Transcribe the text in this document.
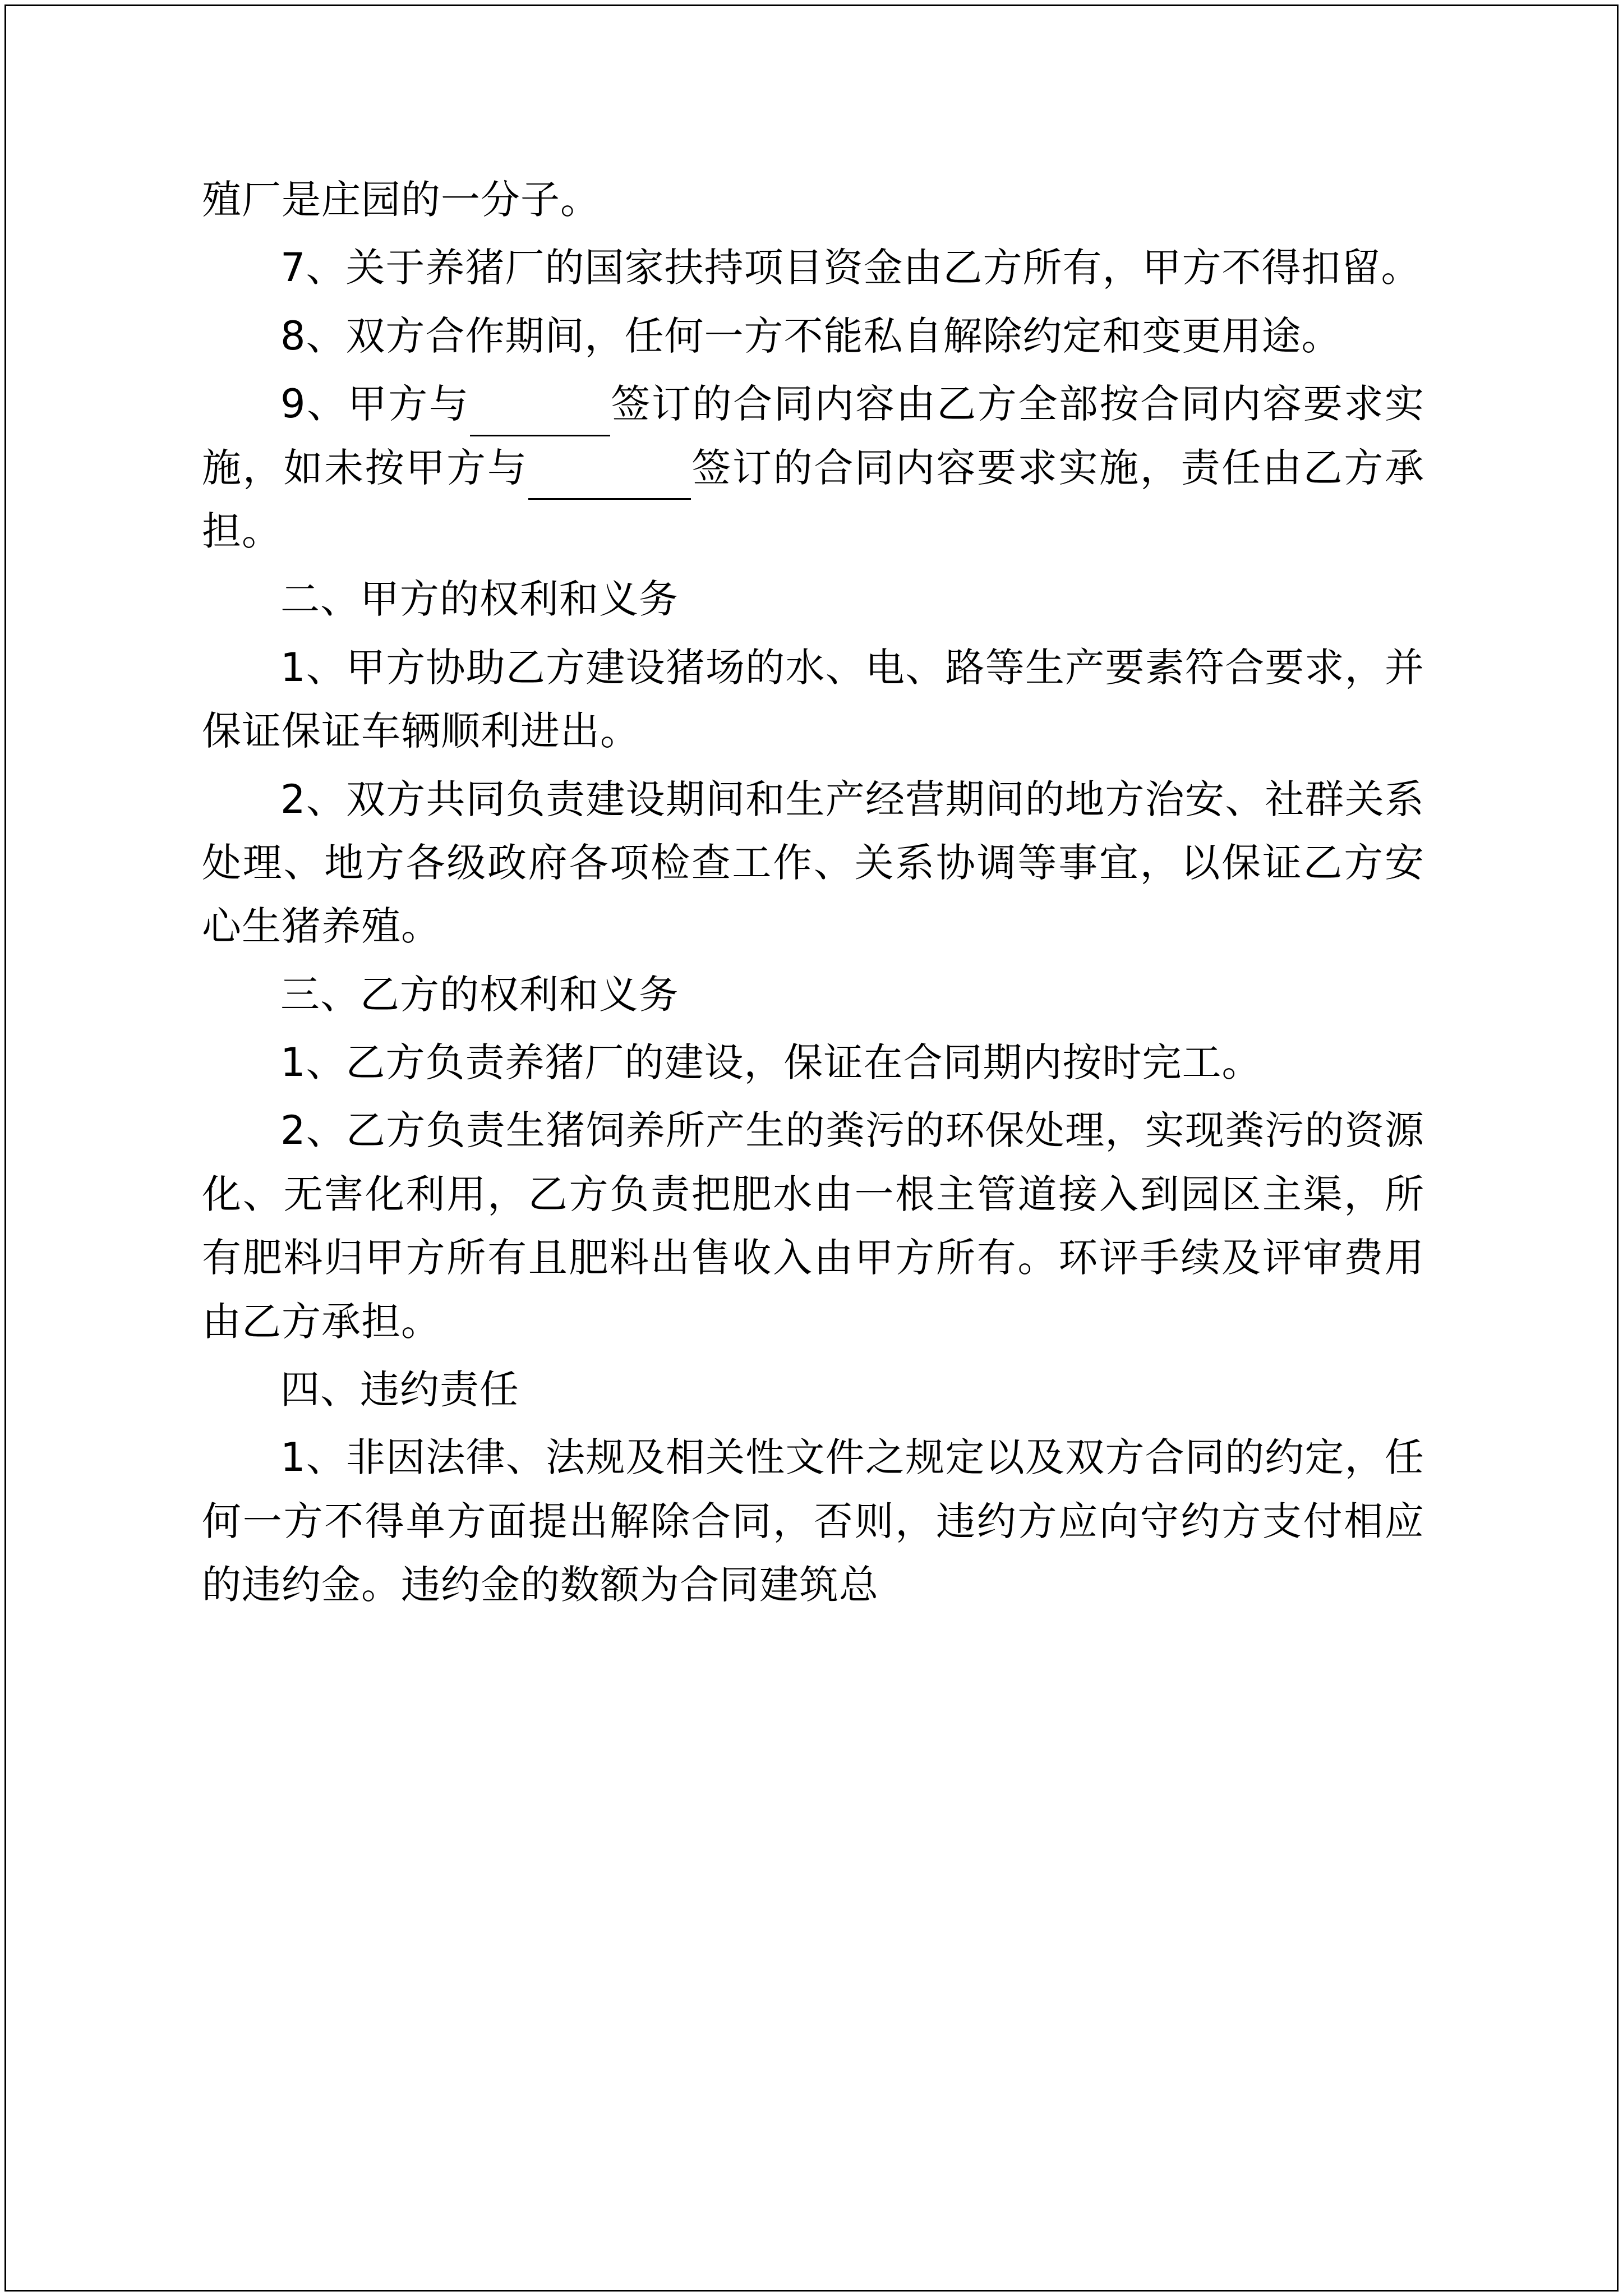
殖厂是庄园的一分子。
7、关于养猪厂的国家扶持项目资金由乙方所有，甲方不得扣留。
8、双方合作期间，任何一方不能私自解除约定和变更用途。
9、甲方与	签订的合同内容由乙方全部按合同内容要求实施，如未按甲方与	签订的合同内容要求实施，责任由乙方承担。
二、甲方的权利和义务
1、甲方协助乙方建设猪场的水、电、路等生产要素符合要求，并保证保证车辆顺利进出。
2、双方共同负责建设期间和生产经营期间的地方治安、社群关系处理、地方各级政府各项检查工作、关系协调等事宜，以保证乙方安心生猪养殖。
三、乙方的权利和义务
1、乙方负责养猪厂的建设，保证在合同期内按时完工。
2、乙方负责生猪饲养所产生的粪污的环保处理，实现粪污的资源化、无害化利用，乙方负责把肥水由一根主管道接入到园区主渠，所有肥料归甲方所有且肥料出售收入由甲方所有。环评手续及评审费用由乙方承担。
四、违约责任
1、非因法律、法规及相关性文件之规定以及双方合同的约定，任何一方不得单方面提出解除合同，否则，违约方应向守约方支付相应的违约金。违约金的数额为合同建筑总
